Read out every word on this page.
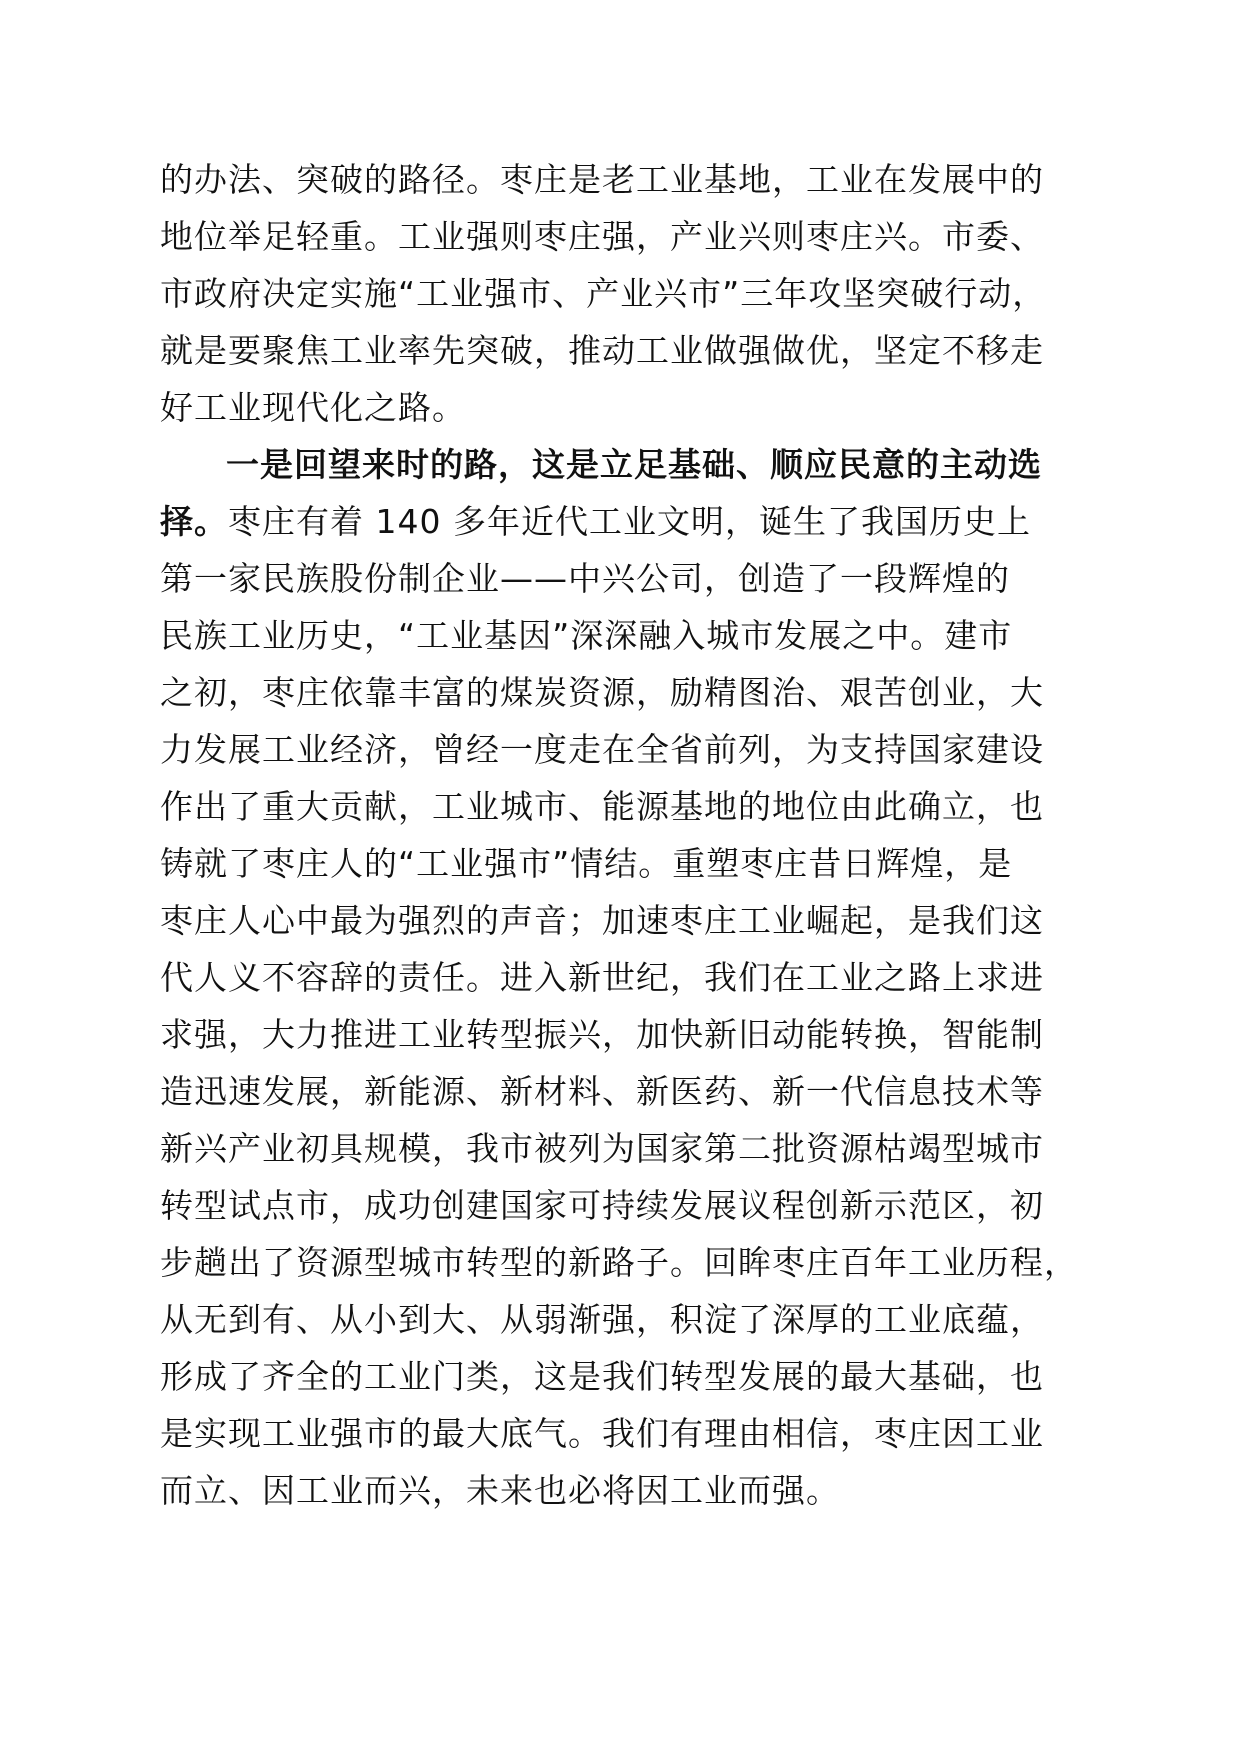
的办法、突破的路径。枣庄是老工业基地，工业在发展中的
地位举足轻重。工业强则枣庄强，产业兴则枣庄兴。市委、
市政府决定实施“工业强市、产业兴市”三年攻坚突破行动，
就是要聚焦工业率先突破，推动工业做强做优，坚定不移走
好工业现代化之路。
一是回望来时的路，这是立足基础、顺应民意的主动选
择。枣庄有着 140 多年近代工业文明，诞生了我国历史上
第一家民族股份制企业——中兴公司，创造了一段辉煌的
民族工业历史，“工业基因”深深融入城市发展之中。建市
之初，枣庄依靠丰富的煤炭资源，励精图治、艰苦创业，大
力发展工业经济，曾经一度走在全省前列，为支持国家建设
作出了重大贡献，工业城市、能源基地的地位由此确立，也
铸就了枣庄人的“工业强市”情结。重塑枣庄昔日辉煌，是
枣庄人心中最为强烈的声音；加速枣庄工业崛起，是我们这
代人义不容辞的责任。进入新世纪，我们在工业之路上求进
求强，大力推进工业转型振兴，加快新旧动能转换，智能制
造迅速发展，新能源、新材料、新医药、新一代信息技术等
新兴产业初具规模，我市被列为国家第二批资源枯竭型城市
转型试点市，成功创建国家可持续发展议程创新示范区，初
步趟出了资源型城市转型的新路子。回眸枣庄百年工业历程，
从无到有、从小到大、从弱渐强，积淀了深厚的工业底蕴，
形成了齐全的工业门类，这是我们转型发展的最大基础，也
是实现工业强市的最大底气。我们有理由相信，枣庄因工业
而立、因工业而兴，未来也必将因工业而强。
